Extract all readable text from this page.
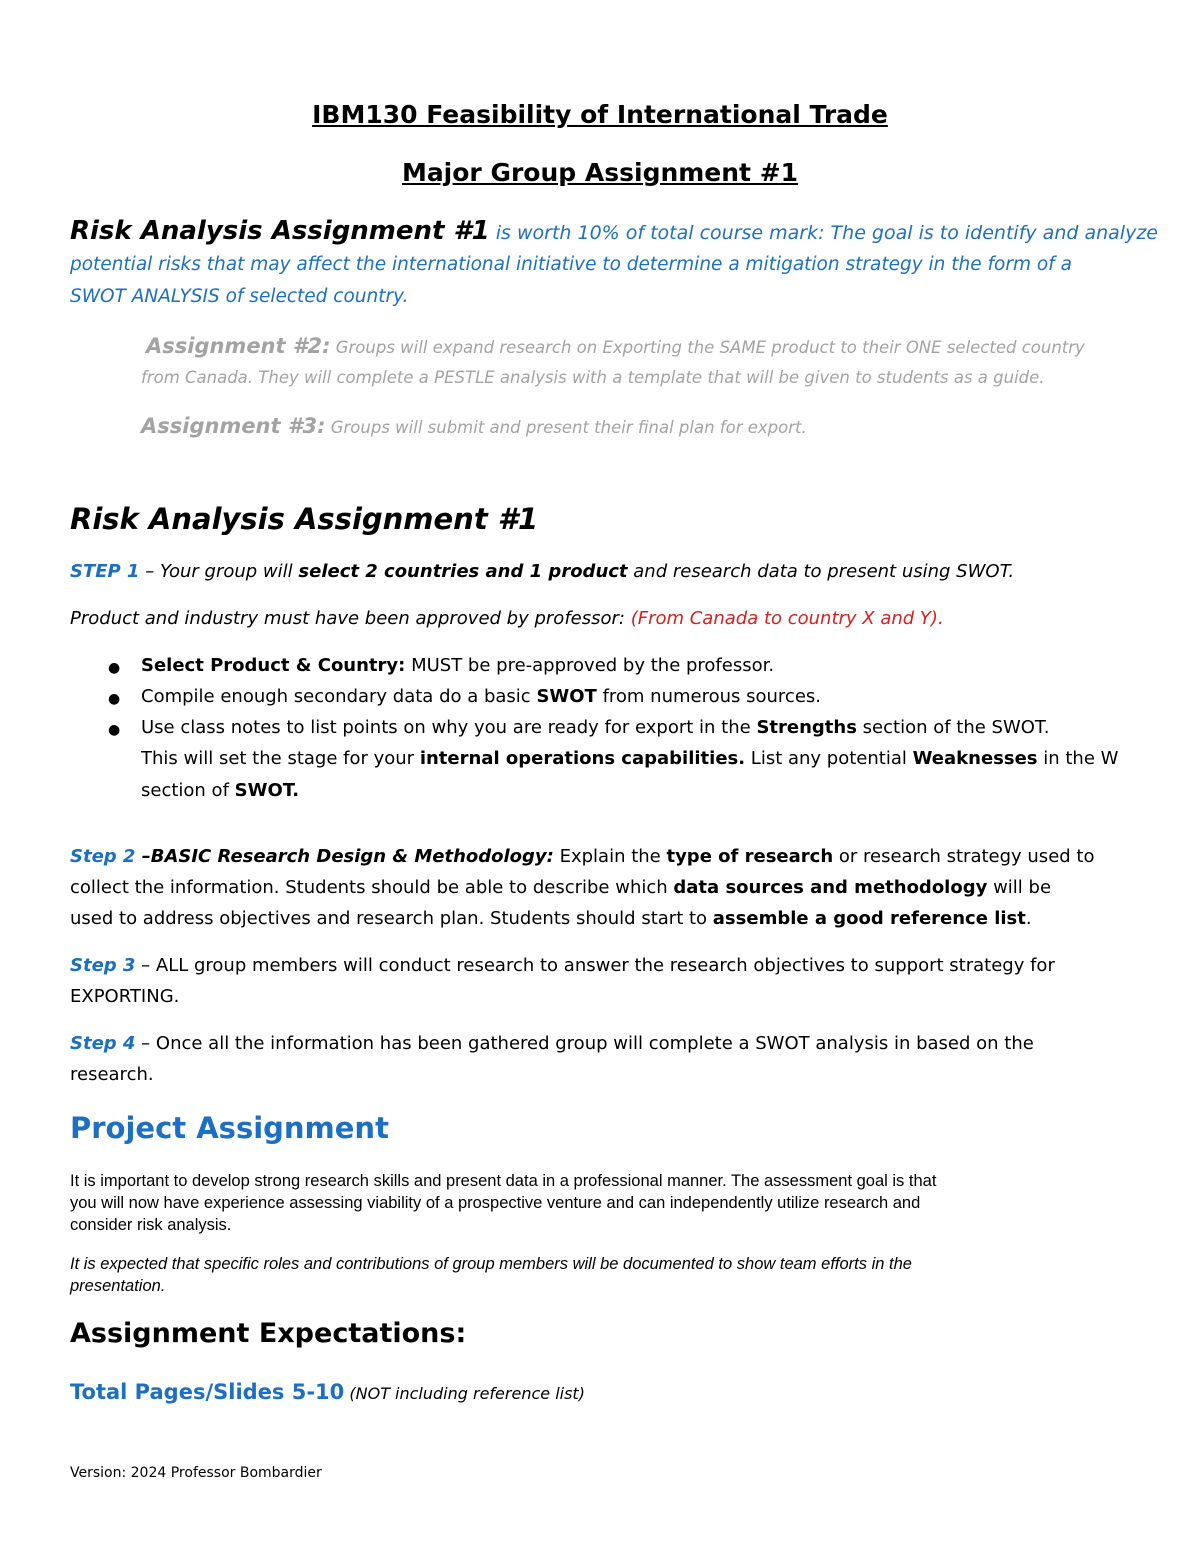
IBM130 Feasibility of International Trade
Major Group Assignment #1
Risk Analysis Assignment #1 is worth 10% of total course mark: The goal is to identify and analyze
potential risks that may affect the international initiative to determine a mitigation strategy in the form of a
SWOT ANALYSIS of selected country.
Assignment #2: Groups will expand research on Exporting the SAME product to their ONE selected country
from Canada. They will complete a PESTLE analysis with a template that will be given to students as a guide.
Assignment #3: Groups will submit and present their final plan for export.
Risk Analysis Assignment #1
STEP 1 – Your group will select 2 countries and 1 product and research data to present using SWOT.
Product and industry must have been approved by professor: (From Canada to country X and Y).
● Select Product & Country: MUST be pre-approved by the professor.
● Compile enough secondary data do a basic SWOT from numerous sources.
● Use class notes to list points on why you are ready for export in the Strengths section of the SWOT.
This will set the stage for your internal operations capabilities. List any potential Weaknesses in the W
section of SWOT.
Step 2 –BASIC Research Design & Methodology: Explain the type of research or research strategy used to
collect the information. Students should be able to describe which data sources and methodology will be
used to address objectives and research plan. Students should start to assemble a good reference list.
Step 3 – ALL group members will conduct research to answer the research objectives to support strategy for
EXPORTING.
Step 4 – Once all the information has been gathered group will complete a SWOT analysis in based on the
research.
Project Assignment
It is important to develop strong research skills and present data in a professional manner. The assessment goal is that
you will now have experience assessing viability of a prospective venture and can independently utilize research and
consider risk analysis.
It is expected that specific roles and contributions of group members will be documented to show team efforts in the
presentation.
Assignment Expectations:
Total Pages/Slides 5-10 (NOT including reference list)
Version: 2024 Professor Bombardier
